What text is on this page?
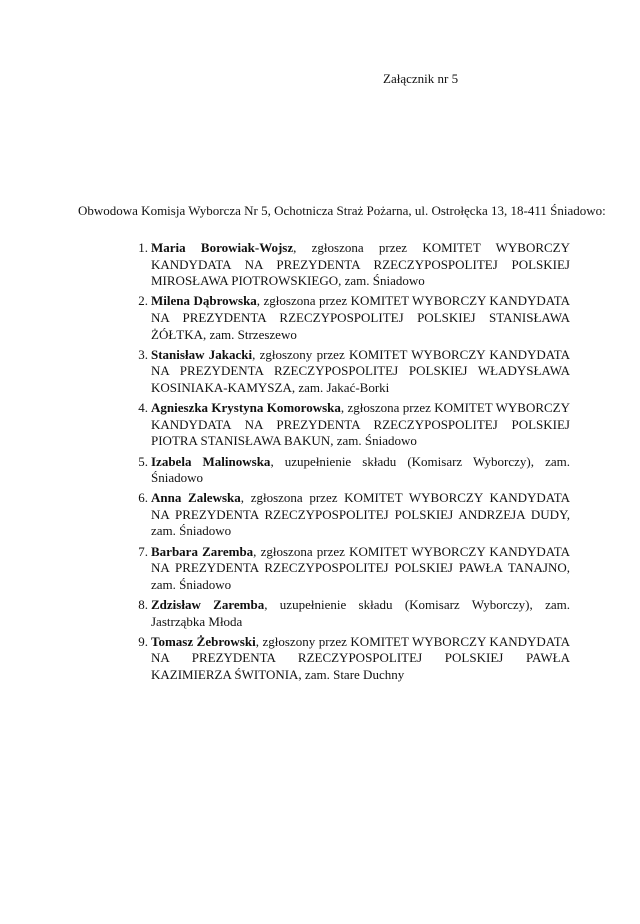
Załącznik nr 5
Obwodowa Komisja Wyborcza Nr 5, Ochotnicza Straż Pożarna, ul. Ostrołęcka 13, 18-411 Śniadowo:
1. Maria Borowiak-Wojsz, zgłoszona przez KOMITET WYBORCZY KANDYDATA NA PREZYDENTA RZECZYPOSPOLITEJ POLSKIEJ MIROSŁAWA PIOTROWSKIEGO, zam. Śniadowo
2. Milena Dąbrowska, zgłoszona przez KOMITET WYBORCZY KANDYDATA NA PREZYDENTA RZECZYPOSPOLITEJ POLSKIEJ STANISŁAWA ŻÓŁTKA, zam. Strzeszewo
3. Stanisław Jakacki, zgłoszony przez KOMITET WYBORCZY KANDYDATA NA PREZYDENTA RZECZYPOSPOLITEJ POLSKIEJ WŁADYSŁAWA KOSINIAKA-KAMYSZA, zam. Jakać-Borki
4. Agnieszka Krystyna Komorowska, zgłoszona przez KOMITET WYBORCZY KANDYDATA NA PREZYDENTA RZECZYPOSPOLITEJ POLSKIEJ PIOTRA STANISŁAWA BAKUN, zam. Śniadowo
5. Izabela Malinowska, uzupełnienie składu (Komisarz Wyborczy), zam. Śniadowo
6. Anna Zalewska, zgłoszona przez KOMITET WYBORCZY KANDYDATA NA PREZYDENTA RZECZYPOSPOLITEJ POLSKIEJ ANDRZEJA DUDY, zam. Śniadowo
7. Barbara Zaremba, zgłoszona przez KOMITET WYBORCZY KANDYDATA NA PREZYDENTA RZECZYPOSPOLITEJ POLSKIEJ PAWŁA TANAJNO, zam. Śniadowo
8. Zdzisław Zaremba, uzupełnienie składu (Komisarz Wyborczy), zam. Jastrząbka Młoda
9. Tomasz Żebrowski, zgłoszony przez KOMITET WYBORCZY KANDYDATA NA PREZYDENTA RZECZYPOSPOLITEJ POLSKIEJ PAWŁA KAZIMIERZA ŚWITONIA, zam. Stare Duchny
